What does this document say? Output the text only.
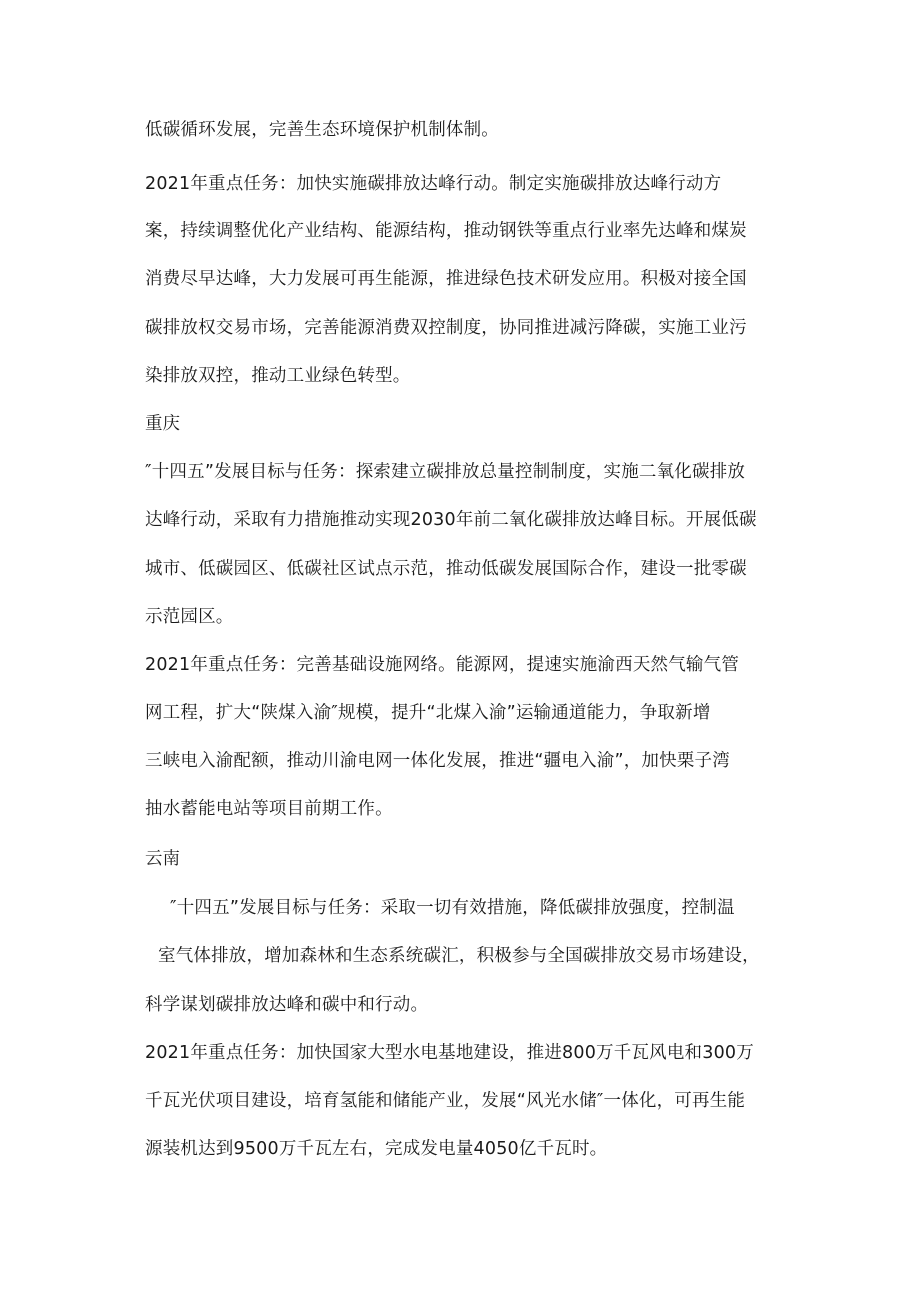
低碳循环发展，完善生态环境保护机制体制。
2021年重点任务：加快实施碳排放达峰行动。制定实施碳排放达峰行动方
案，持续调整优化产业结构、能源结构，推动钢铁等重点行业率先达峰和煤炭
消费尽早达峰，大力发展可再生能源，推进绿色技术研发应用。积极对接全国
碳排放权交易市场，完善能源消费双控制度，协同推进减污降碳，实施工业污
染排放双控，推动工业绿色转型。
重庆
″十四五”发展目标与任务：探索建立碳排放总量控制制度，实施二氧化碳排放
达峰行动，采取有力措施推动实现2030年前二氧化碳排放达峰目标。开展低碳
城市、低碳园区、低碳社区试点示范，推动低碳发展国际合作，建设一批零碳
示范园区。
2021年重点任务：完善基础设施网络。能源网，提速实施渝西天然气输气管
网工程，扩大“陕煤入渝″规模，提升“北煤入渝”运输通道能力，争取新增
三峡电入渝配额，推动川渝电网一体化发展，推进“疆电入渝”，加快栗子湾
抽水蓄能电站等项目前期工作。
云南
″十四五”发展目标与任务：采取一切有效措施，降低碳排放强度，控制温
室气体排放，增加森林和生态系统碳汇，积极参与全国碳排放交易市场建设，
科学谋划碳排放达峰和碳中和行动。
2021年重点任务：加快国家大型水电基地建设，推进800万千瓦风电和300万
千瓦光伏项目建设，培育氢能和储能产业，发展“风光水储″一体化，可再生能
源装机达到9500万千瓦左右，完成发电量4050亿千瓦时。
